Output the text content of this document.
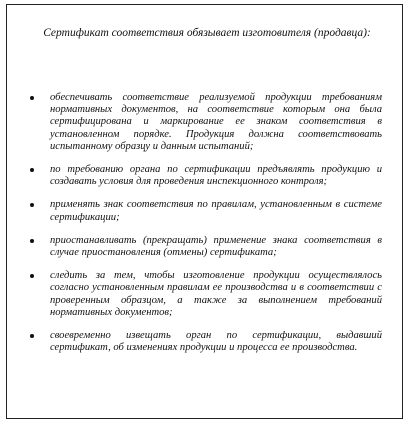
Сертификат соответствия обязывает изготовителя (продавца):
обеспечивать соответствие реализуемой продукции требованиям нормативных документов, на соответствие которым она была сертифицирована и маркирование ее знаком соответствия в установленном порядке. Продукция должна соответствовать испытанному образцу и данным испытаний;
по требованию органа по сертификации предъявлять продукцию и создавать условия для проведения инспекционного контроля;
применять знак соответствия по правилам, установленным в системе сертификации;
приостанавливать (прекращать) применение знака соответствия в случае приостановления (отмены) сертификата;
следить за тем, чтобы изготовление продукции осуществлялось согласно установленным правилам ее производства и в соответствии с проверенным образцом, а также за выполнением требований нормативных документов;
своевременно извещать орган по сертификации, выдавший сертификат, об изменениях продукции и процесса ее производства.
